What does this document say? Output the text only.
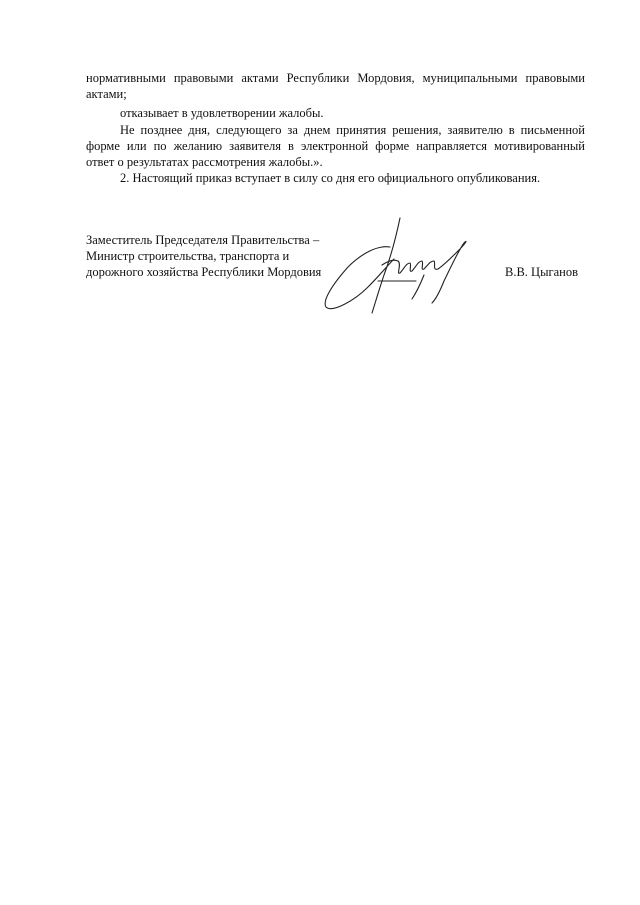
нормативными правовыми актами Республики Мордовия, муниципальными правовыми
актами;
отказывает в удовлетворении жалобы.
Не позднее дня, следующего за днем принятия решения, заявителю в письменной
форме или по желанию заявителя в электронной форме направляется мотивированный
ответ о результатах рассмотрения жалобы.».
2. Настоящий приказ вступает в силу со дня его официального опубликования.
Заместитель Председателя Правительства –
Министр строительства, транспорта и
дорожного хозяйства Республики Мордовия	В.В. Цыганов
